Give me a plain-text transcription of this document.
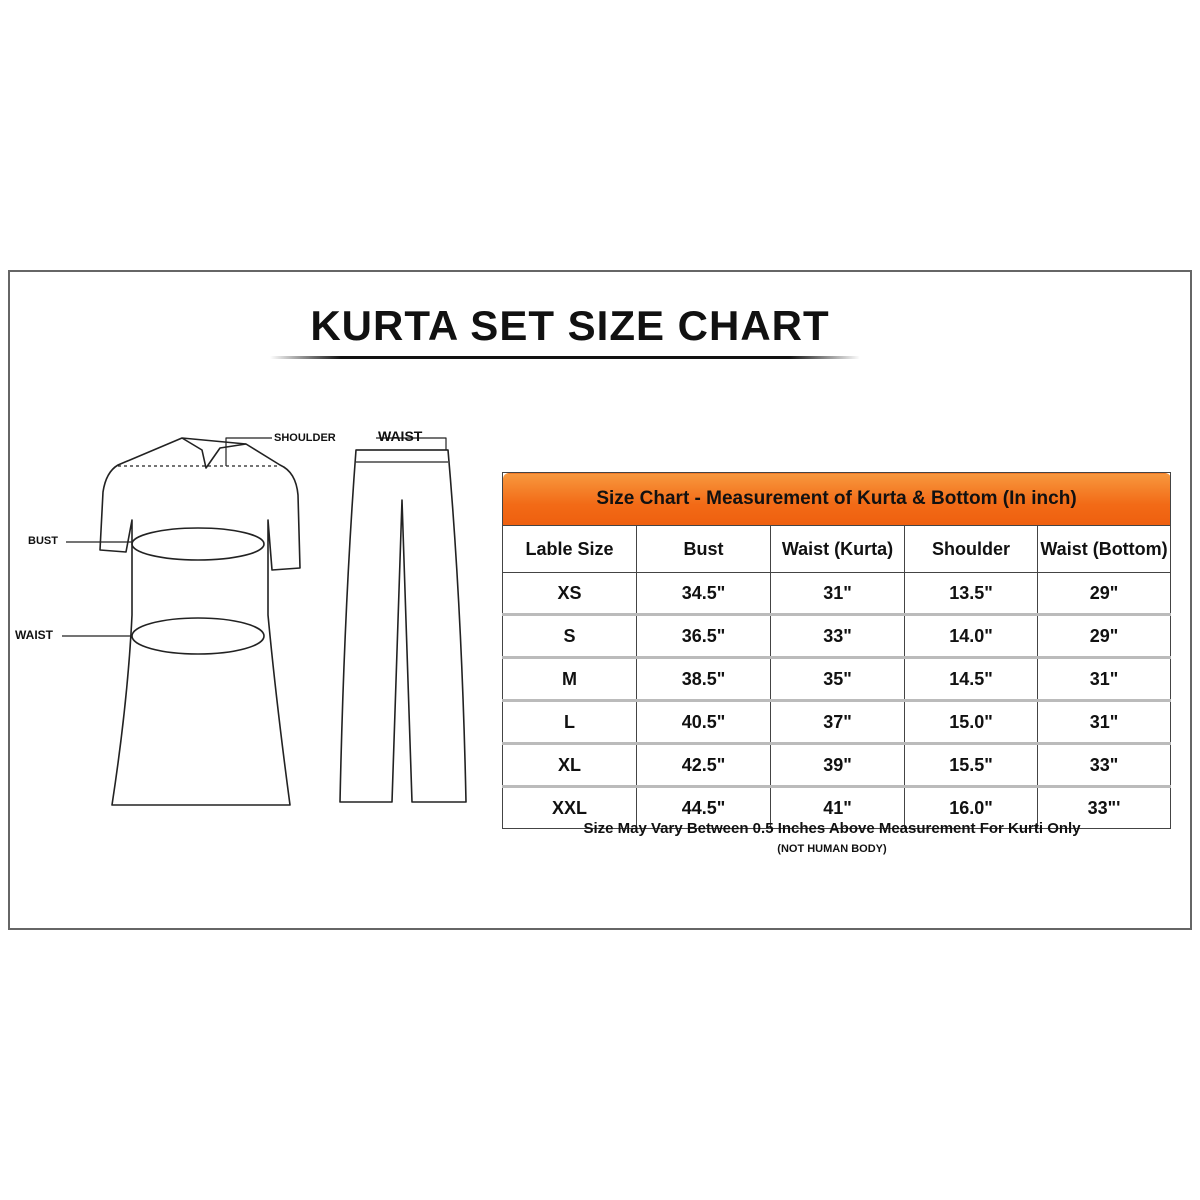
KURTA SET SIZE CHART
SHOULDER	WAIST
BUST
WAIST
Size Chart - Measurement of Kurta & Bottom (In inch)				
Lable Size	Bust	Waist (Kurta)	Shoulder	Waist (Bottom)
XS	34.5"	31"	13.5"	29"
S	36.5"	33"	14.0"	29"
M	38.5"	35"	14.5"	31"
L	40.5"	37"	15.0"	31"
XL	42.5"	39"	15.5"	33"
XXL	44.5"	41"	16.0"	33"'
Size May Vary Between 0.5 Inches Above Measurement For Kurti Only
(NOT HUMAN BODY)
